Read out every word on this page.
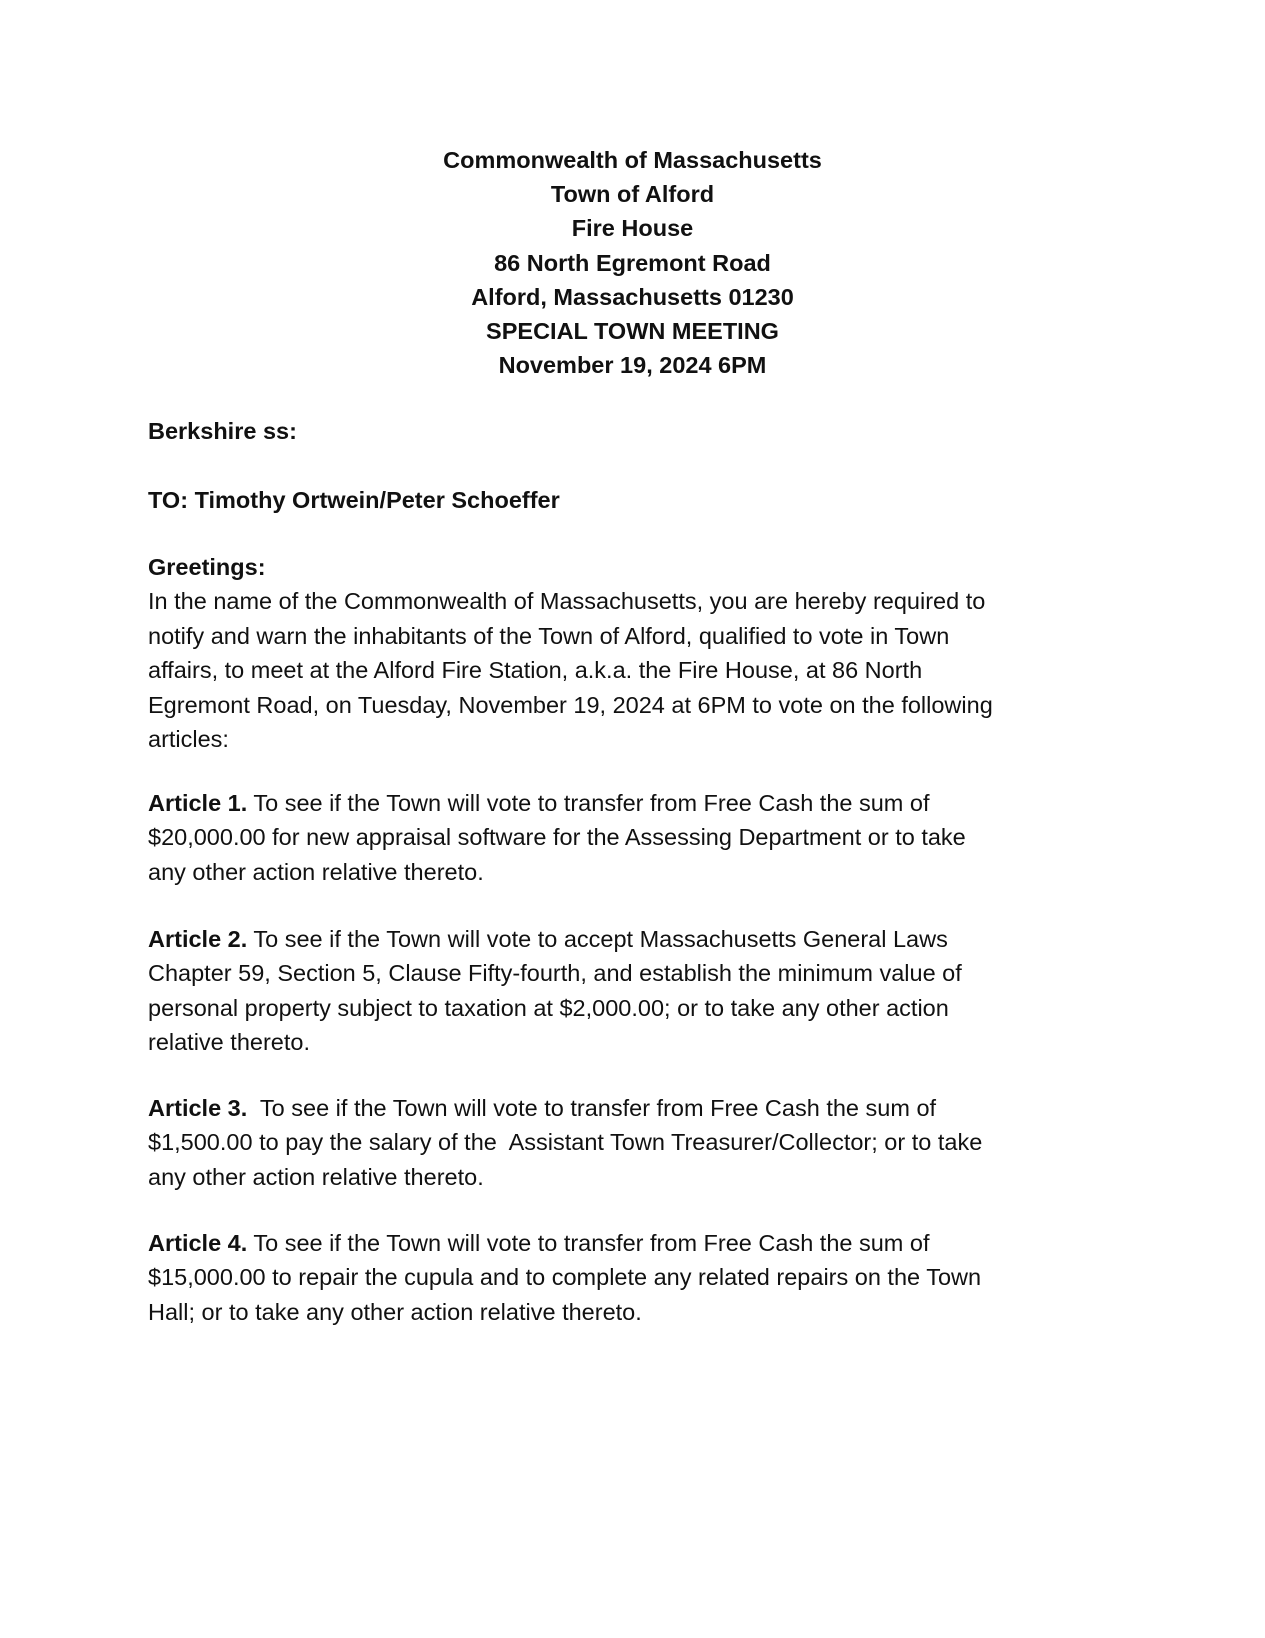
Commonwealth of Massachusetts

Town of Alford

Fire House

86 North Egremont Road

Alford, Massachusetts 01230

SPECIAL TOWN MEETING

November 19, 2024 6PM

Berkshire ss:

TO: Timothy Ortwein/Peter Schoeffer

Greetings:

In the name of the Commonwealth of Massachusetts, you are hereby required to
notify and warn the inhabitants of the Town of Alford, qualified to vote in Town
affairs, to meet at the Alford Fire Station, a.k.a. the Fire House, at 86 North
Egremont Road, on Tuesday, November 19, 2024 at 6PM to vote on the following
articles:

Article 1. To see if the Town will vote to transfer from Free Cash the sum of
$20,000.00 for new appraisal software for the Assessing Department or to take
any other action relative thereto.

Article 2. To see if the Town will vote to accept Massachusetts General Laws
Chapter 59, Section 5, Clause Fifty-fourth, and establish the minimum value of
personal property subject to taxation at $2,000.00; or to take any other action
relative thereto.

Article 3.  To see if the Town will vote to transfer from Free Cash the sum of
$1,500.00 to pay the salary of the  Assistant Town Treasurer/Collector; or to take
any other action relative thereto.

Article 4. To see if the Town will vote to transfer from Free Cash the sum of
$15,000.00 to repair the cupula and to complete any related repairs on the Town
Hall; or to take any other action relative thereto.
